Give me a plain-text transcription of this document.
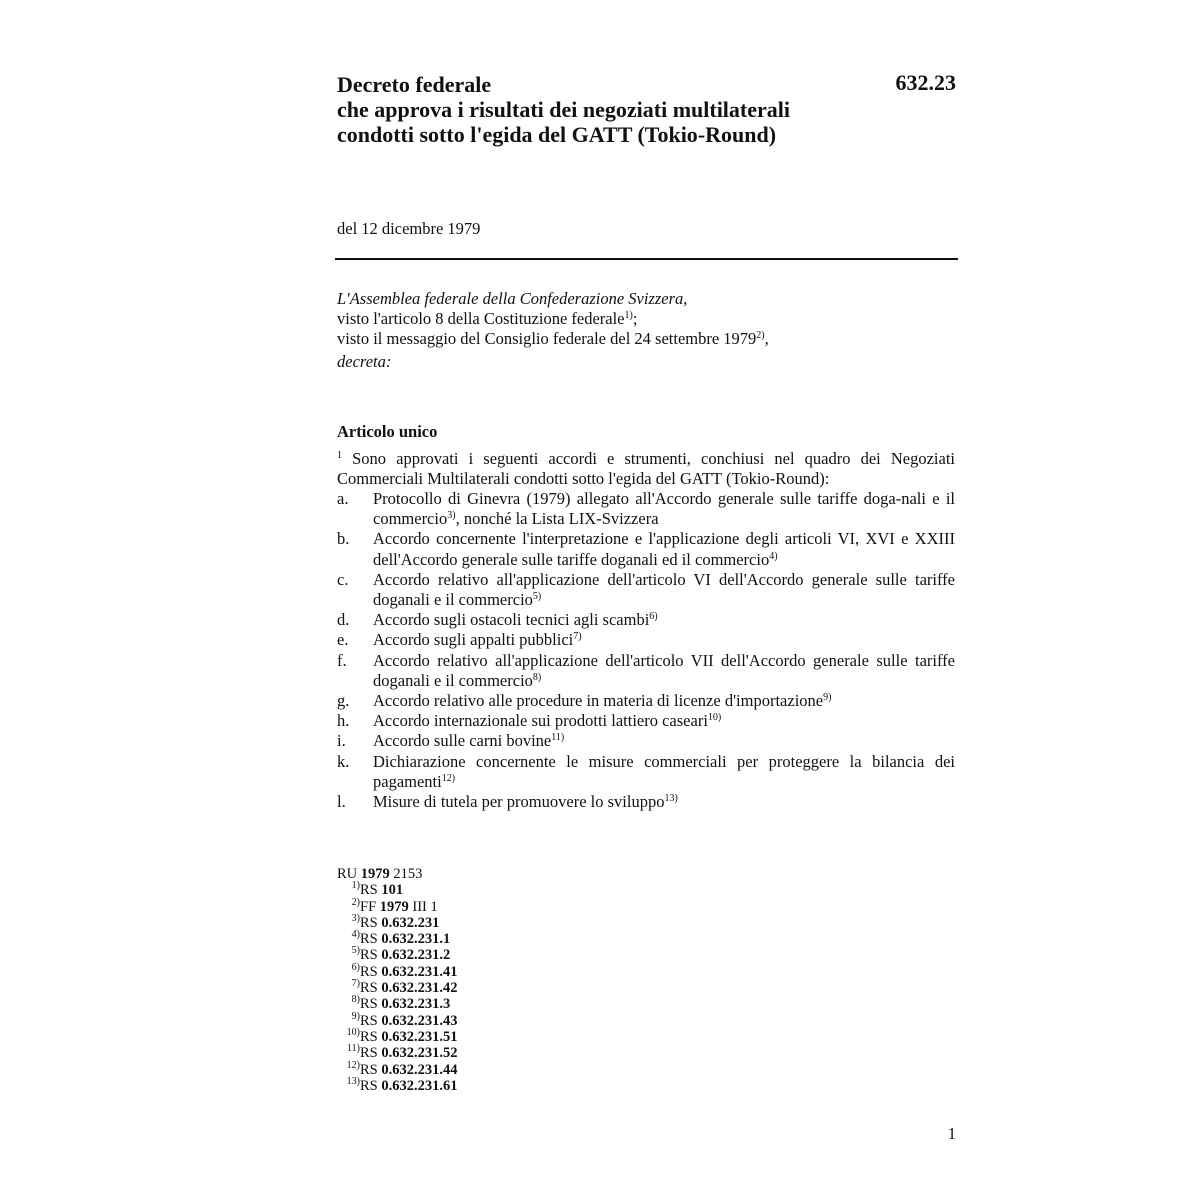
Decreto federale
che approva i risultati dei negoziati multilaterali
condotti sotto l'egida del GATT (Tokio-Round)
632.23
del 12 dicembre 1979
L'Assemblea federale della Confederazione Svizzera,
visto l'articolo 8 della Costituzione federale$^{1)}$;
visto il messaggio del Consiglio federale del 24 settembre 1979$^{2)}$,
decreta:
Articolo unico
$^1$ Sono approvati i seguenti accordi e strumenti, conchiusi nel quadro dei Negoziati Commerciali Multilaterali condotti sotto l'egida del GATT (Tokio-Round):
a.	Protocollo di Ginevra (1979) allegato all'Accordo generale sulle tariffe doga-nali e il commercio$^{3)}$, nonché la Lista LIX-Svizzera
b.	Accordo concernente l'interpretazione e l'applicazione degli articoli VI, XVI e XXIII dell'Accordo generale sulle tariffe doganali ed il commercio$^{4)}$
c.	Accordo relativo all'applicazione dell'articolo VI dell'Accordo generale sulle tariffe doganali e il commercio$^{5)}$
d.	Accordo sugli ostacoli tecnici agli scambi$^{6)}$
e.	Accordo sugli appalti pubblici$^{7)}$
f.	Accordo relativo all'applicazione dell'articolo VII dell'Accordo generale sulle tariffe doganali e il commercio$^{8)}$
g.	Accordo relativo alle procedure in materia di licenze d'importazione$^{9)}$
h.	Accordo internazionale sui prodotti lattiero caseari$^{10)}$
i.	Accordo sulle carni bovine$^{11)}$
k.	Dichiarazione concernente le misure commerciali per proteggere la bilancia dei pagamenti$^{12)}$
l.	Misure di tutela per promuovere lo sviluppo$^{13)}$
RU 1979 2153
1) RS 101
2) FF 1979 III 1
3) RS 0.632.231
4) RS 0.632.231.1
5) RS 0.632.231.2
6) RS 0.632.231.41
7) RS 0.632.231.42
8) RS 0.632.231.3
9) RS 0.632.231.43
10) RS 0.632.231.51
11) RS 0.632.231.52
12) RS 0.632.231.44
13) RS 0.632.231.61
1
